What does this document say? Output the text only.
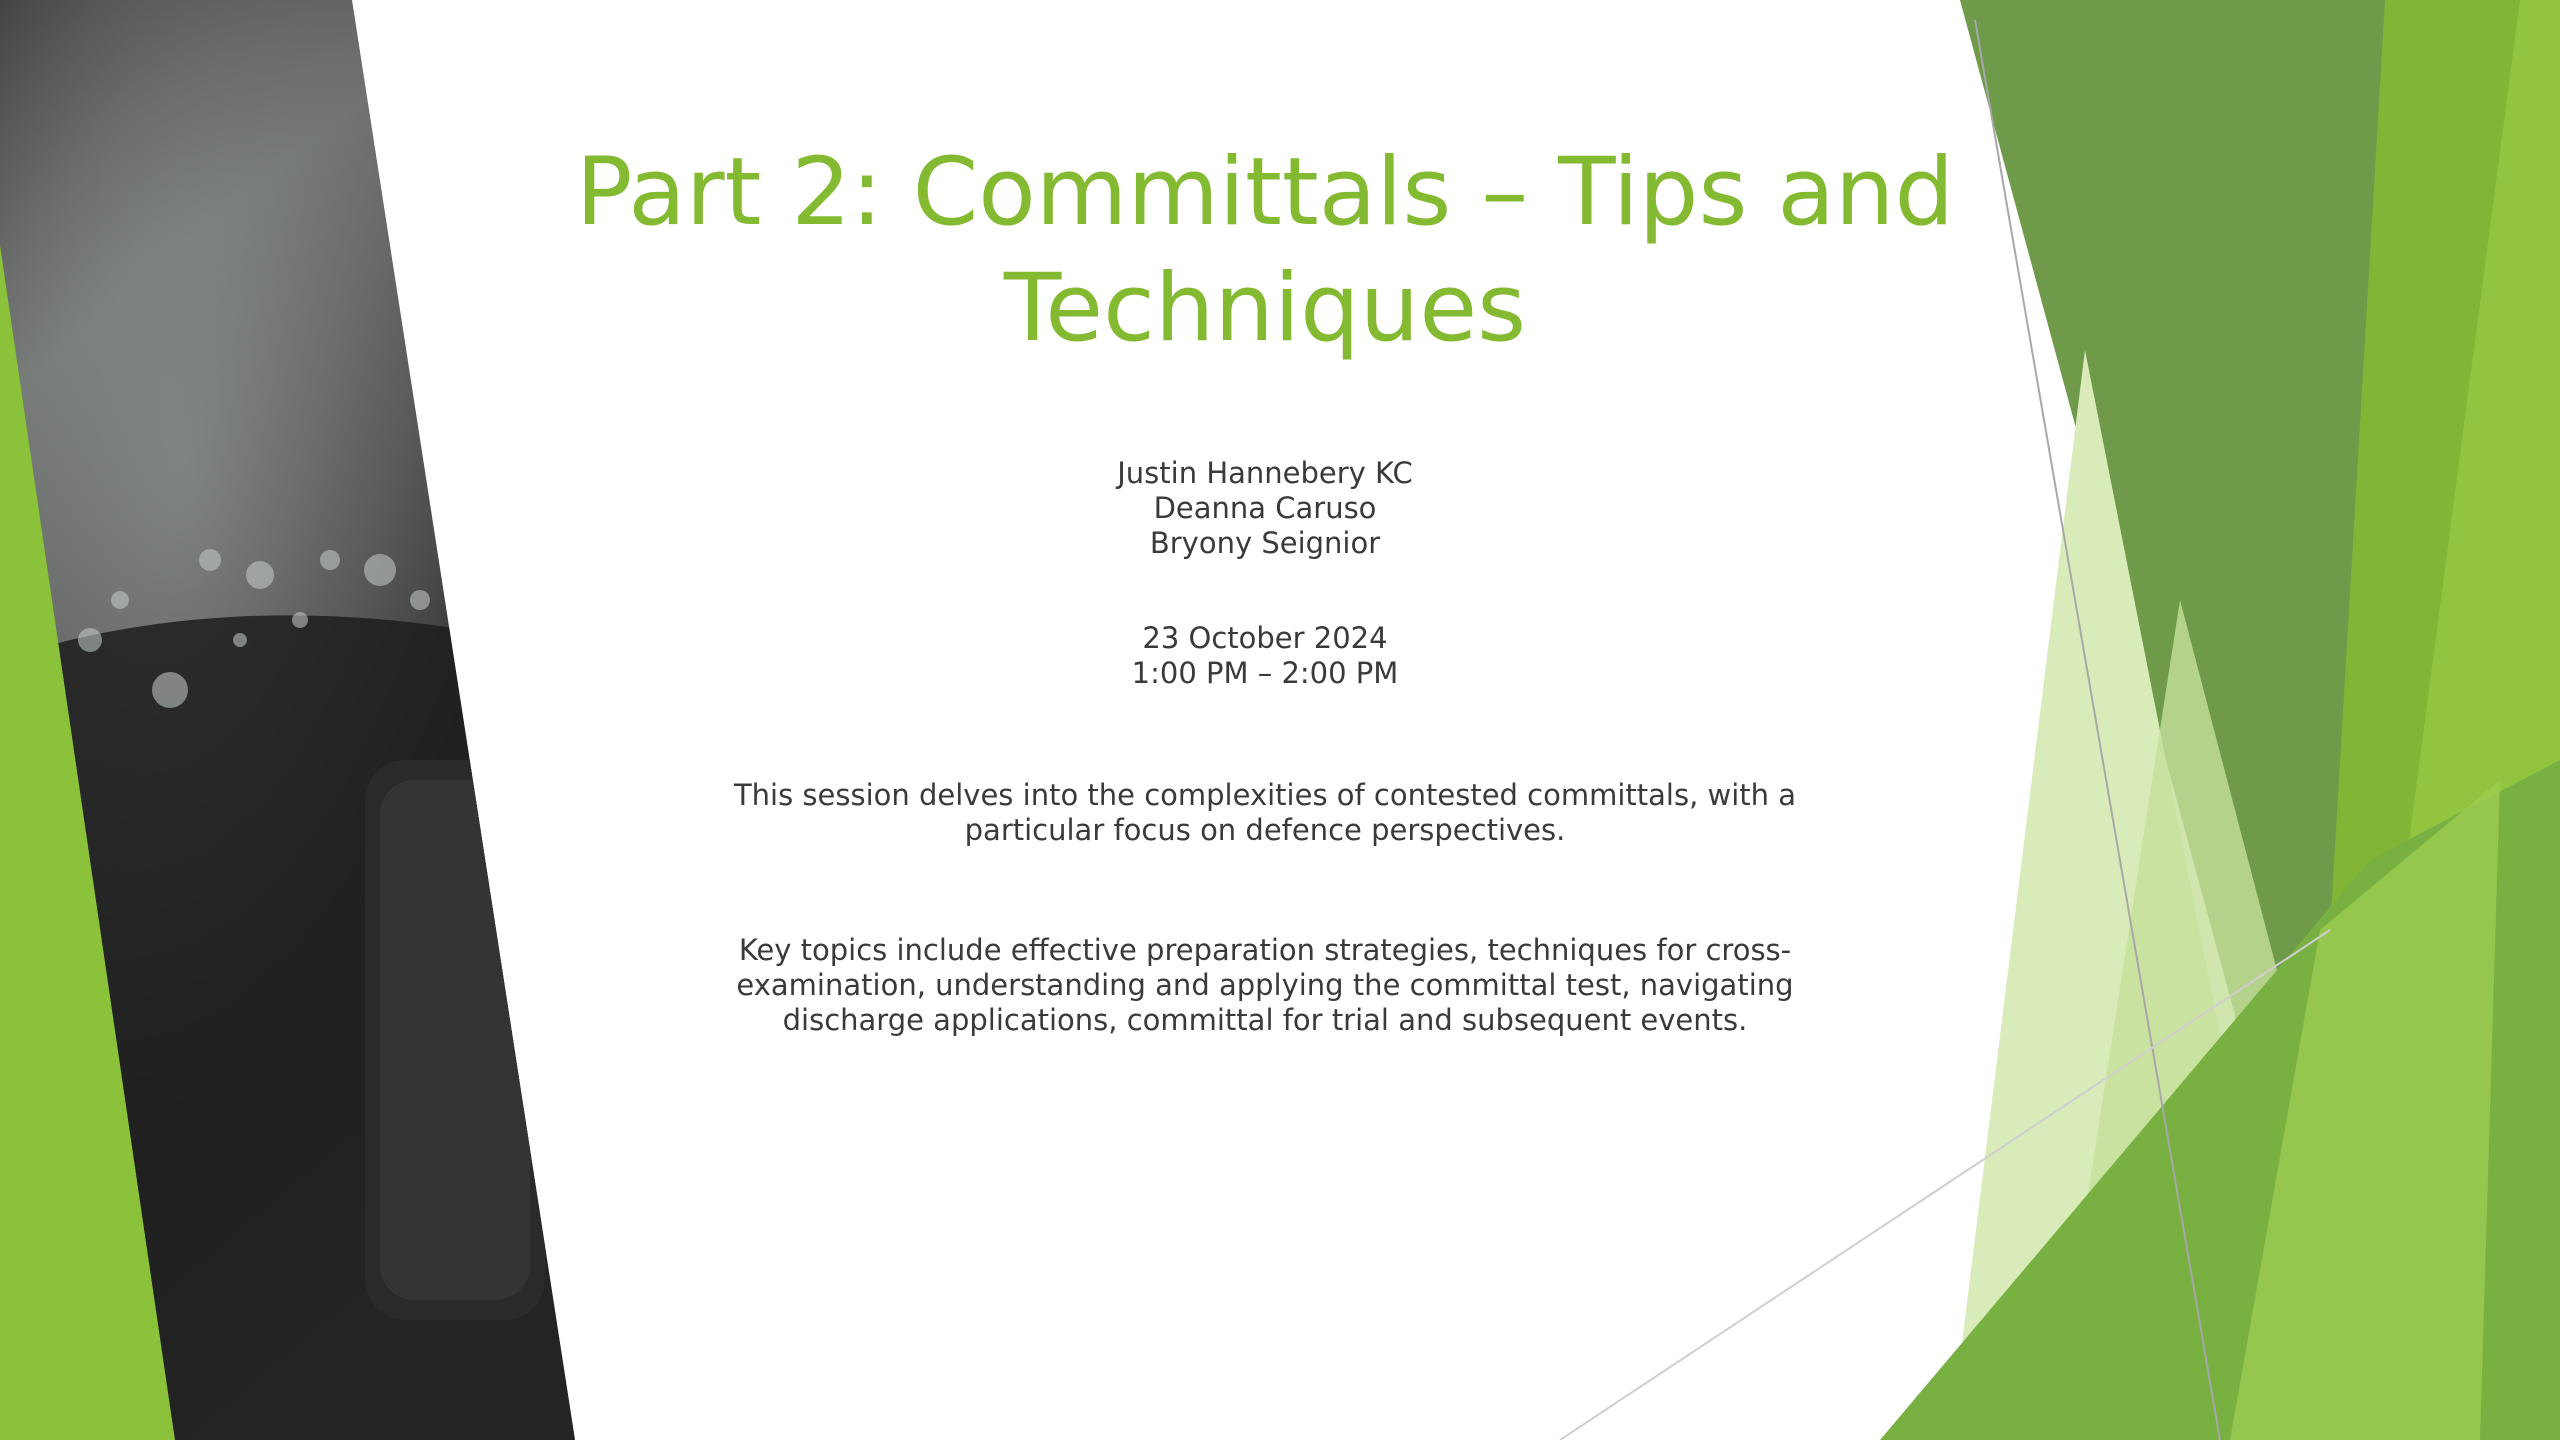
Part 2: Committals – Tips and
Techniques
Justin Hannebery KC
Deanna Caruso
Bryony Seignior
23 October 2024
1:00 PM – 2:00 PM
This session delves into the complexities of contested committals, with a
particular focus on defence perspectives.
Key topics include effective preparation strategies, techniques for cross-
examination, understanding and applying the committal test, navigating
discharge applications, committal for trial and subsequent events.
